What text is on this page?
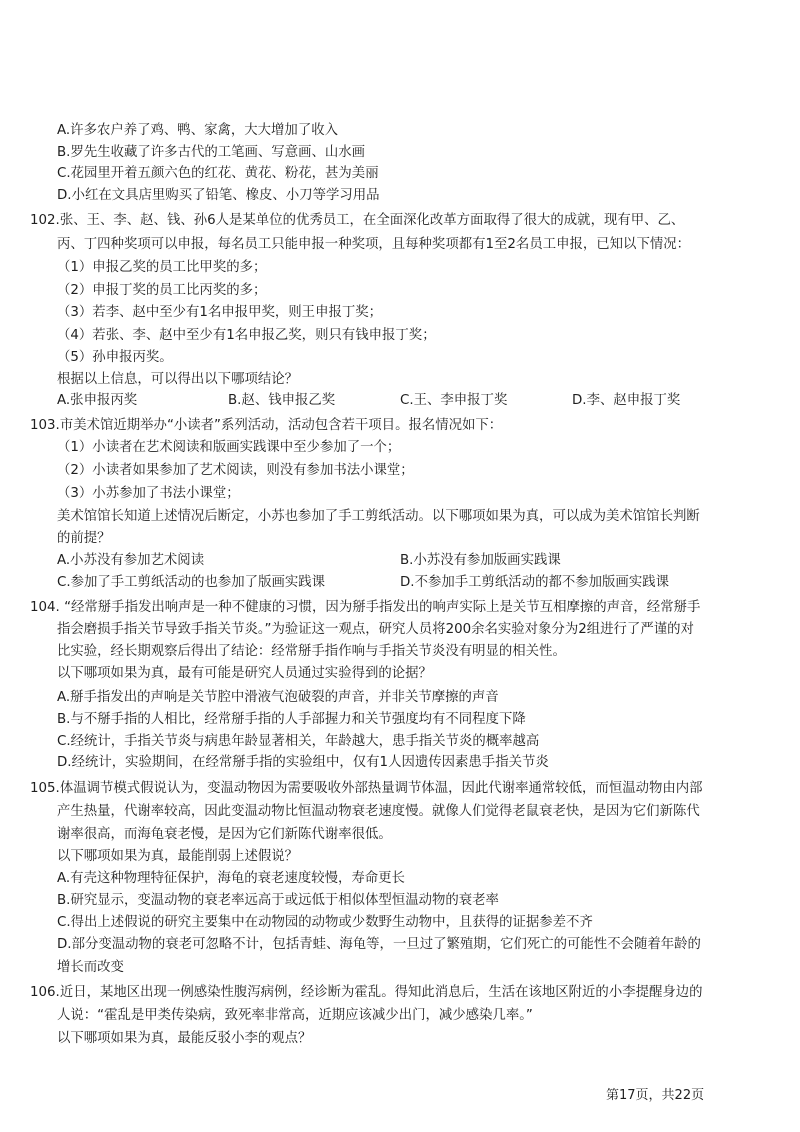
A.许多农户养了鸡、鸭、家禽，大大增加了收入
B.罗先生收藏了许多古代的工笔画、写意画、山水画
C.花园里开着五颜六色的红花、黄花、粉花，甚为美丽
D.小红在文具店里购买了铅笔、橡皮、小刀等学习用品
102.张、王、李、赵、钱、孙6人是某单位的优秀员工，在全面深化改革方面取得了很大的成就，现有甲、乙、
丙、丁四种奖项可以申报，每名员工只能申报一种奖项，且每种奖项都有1至2名员工申报，已知以下情况：
（1）申报乙奖的员工比甲奖的多；
（2）申报丁奖的员工比丙奖的多；
（3）若李、赵中至少有1名申报甲奖，则王申报丁奖；
（4）若张、李、赵中至少有1名申报乙奖，则只有钱申报丁奖；
（5）孙申报丙奖。
根据以上信息，可以得出以下哪项结论？
A.张申报丙奖	B.赵、钱申报乙奖	C.王、李申报丁奖	D.李、赵申报丁奖
103.市美术馆近期举办“小读者”系列活动，活动包含若干项目。报名情况如下：
（1）小读者在艺术阅读和版画实践课中至少参加了一个；
（2）小读者如果参加了艺术阅读，则没有参加书法小课堂；
（3）小苏参加了书法小课堂；
美术馆馆长知道上述情况后断定，小苏也参加了手工剪纸活动。以下哪项如果为真，可以成为美术馆馆长判断
的前提？
A.小苏没有参加艺术阅读	B.小苏没有参加版画实践课
C.参加了手工剪纸活动的也参加了版画实践课	D.不参加手工剪纸活动的都不参加版画实践课
104. “经常掰手指发出响声是一种不健康的习惯，因为掰手指发出的响声实际上是关节互相摩擦的声音，经常掰手
指会磨损手指关节导致手指关节炎。”为验证这一观点，研究人员将200余名实验对象分为2组进行了严谨的对
比实验，经长期观察后得出了结论：经常掰手指作响与手指关节炎没有明显的相关性。
以下哪项如果为真，最有可能是研究人员通过实验得到的论据？
A.掰手指发出的声响是关节腔中滑液气泡破裂的声音，并非关节摩擦的声音
B.与不掰手指的人相比，经常掰手指的人手部握力和关节强度均有不同程度下降
C.经统计，手指关节炎与病患年龄显著相关，年龄越大，患手指关节炎的概率越高
D.经统计，实验期间，在经常掰手指的实验组中，仅有1人因遗传因素患手指关节炎
105.体温调节模式假说认为，变温动物因为需要吸收外部热量调节体温，因此代谢率通常较低，而恒温动物由内部
产生热量，代谢率较高，因此变温动物比恒温动物衰老速度慢。就像人们觉得老鼠衰老快，是因为它们新陈代
谢率很高，而海龟衰老慢，是因为它们新陈代谢率很低。
以下哪项如果为真，最能削弱上述假说？
A.有壳这种物理特征保护，海龟的衰老速度较慢，寿命更长
B.研究显示，变温动物的衰老率远高于或远低于相似体型恒温动物的衰老率
C.得出上述假说的研究主要集中在动物园的动物或少数野生动物中，且获得的证据参差不齐
D.部分变温动物的衰老可忽略不计，包括青蛙、海龟等，一旦过了繁殖期，它们死亡的可能性不会随着年龄的
增长而改变
106.近日，某地区出现一例感染性腹泻病例，经诊断为霍乱。得知此消息后，生活在该地区附近的小李提醒身边的
人说：“霍乱是甲类传染病，致死率非常高，近期应该减少出门，减少感染几率。”
以下哪项如果为真，最能反驳小李的观点？
第17页，共22页
